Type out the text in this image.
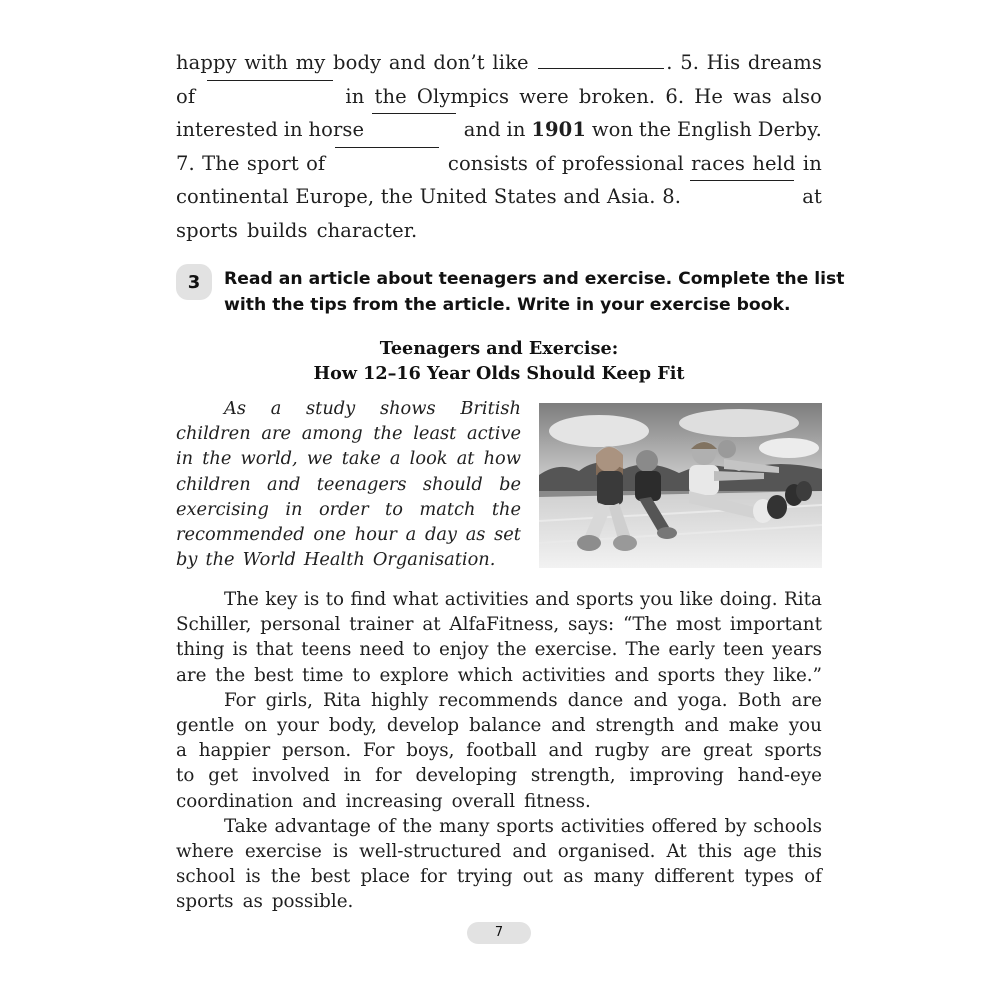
happy with my body and don’t like	. 5. His dreams
of	in the Olympics were broken. 6. He was also
interested in horse	and in 1901 won the English Derby.
7. The sport of	consists of professional races held in
continental Europe, the United States and Asia. 8.	at
sports builds character.
3	Read an article about teenagers and exercise. Complete the list
with the tips from the article. Write in your exercise book.
Teenagers and Exercise:
How 12–16 Year Olds Should Keep Fit
As a study shows British
children are among the least active
in the world, we take a look at how
children and teenagers should be
exercising in order to match the
recommended one hour a day as set
by the World Health Organisation.
The key is to find what activities and sports you like doing. Rita
Schiller, personal trainer at AlfaFitness, says: “The most important
thing is that teens need to enjoy the exercise. The early teen years
are the best time to explore which activities and sports they like.”
For girls, Rita highly recommends dance and yoga. Both are
gentle on your body, develop balance and strength and make you
a happier person. For boys, football and rugby are great sports
to get involved in for developing strength, improving hand-eye
coordination and increasing overall fitness.
Take advantage of the many sports activities offered by schools
where exercise is well-structured and organised. At this age this
school is the best place for trying out as many different types of
sports as possible.
7
